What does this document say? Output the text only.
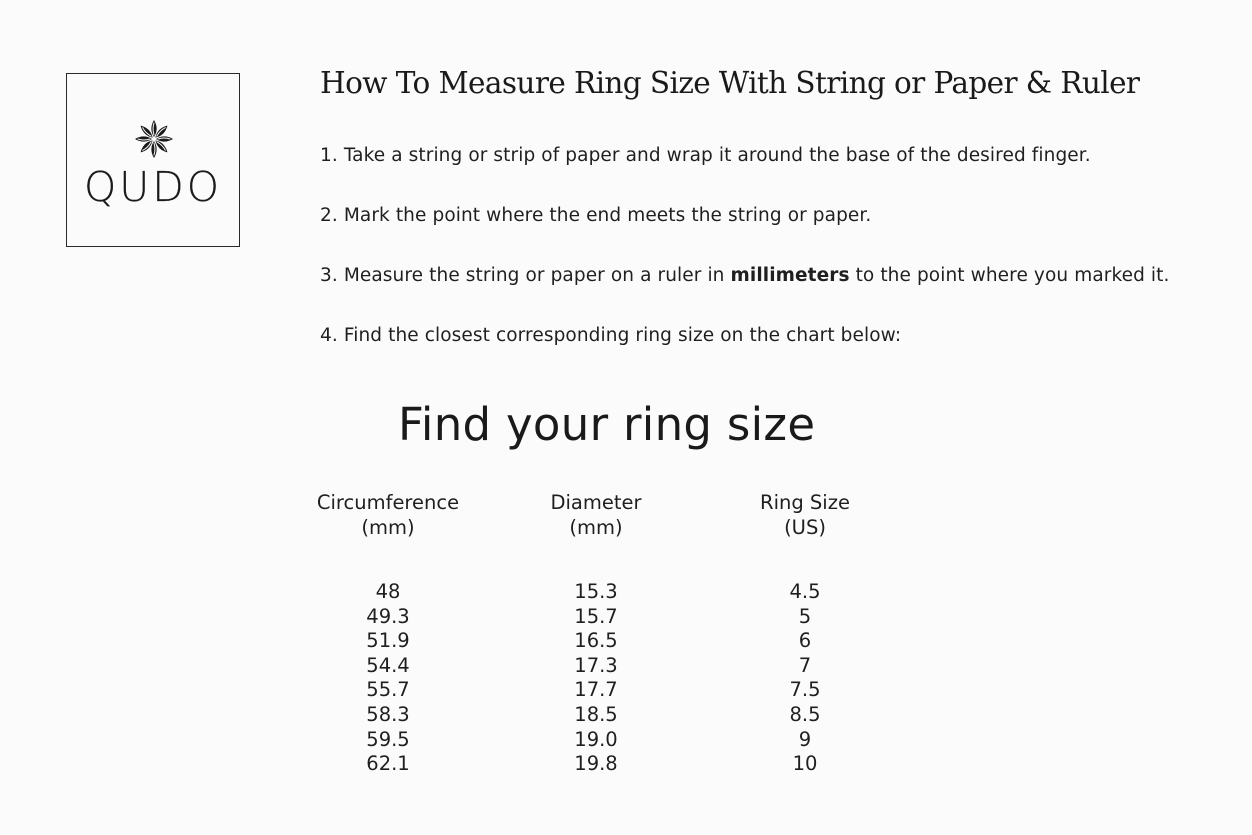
QUDO
How To Measure Ring Size With String or Paper & Ruler
1. Take a string or strip of paper and wrap it around the base of the desired finger.
2. Mark the point where the end meets the string or paper.
3. Measure the string or paper on a ruler in millimeters to the point where you marked it.
4. Find the closest corresponding ring size on the chart below:
Find your ring size
Circumference
(mm)
Diameter
(mm)
Ring Size
(US)
48
49.3
51.9
54.4
55.7
58.3
59.5
62.1
15.3
15.7
16.5
17.3
17.7
18.5
19.0
19.8
4.5
5
6
7
7.5
8.5
9
10
